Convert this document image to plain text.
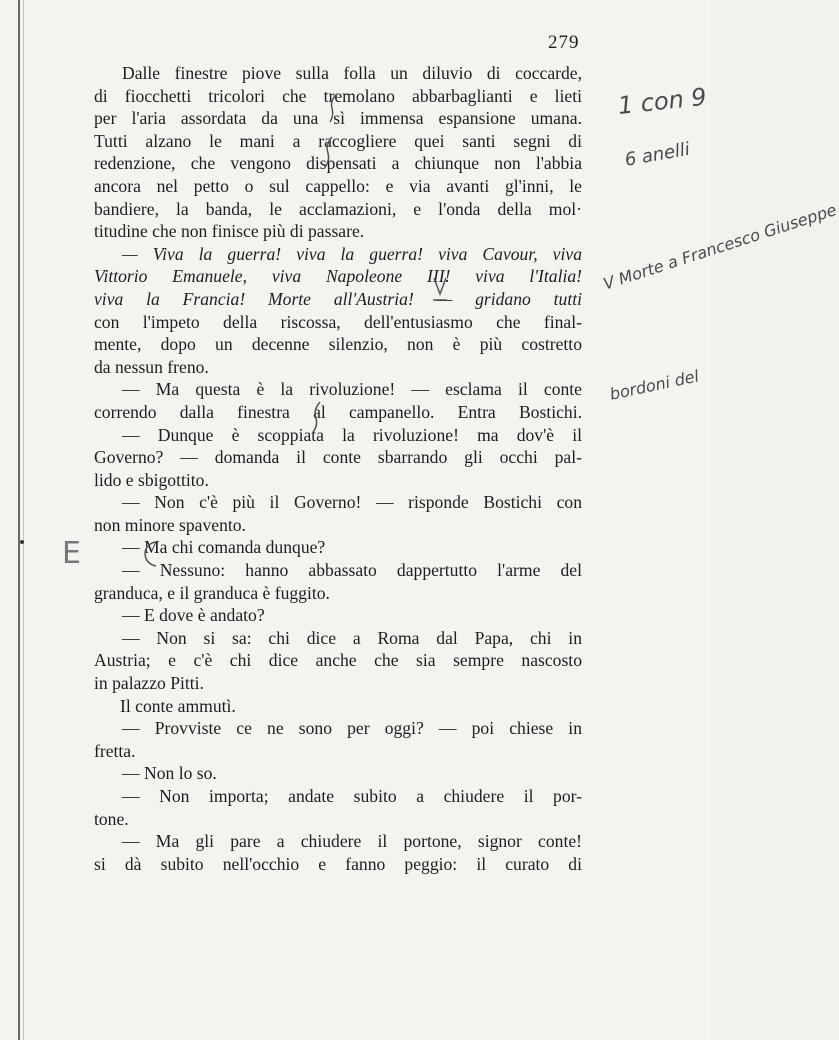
279
Dalle finestre piove sulla folla un diluvio di coccarde,
di fiocchetti tricolori che tremolano abbarbaglianti e lieti
per l'aria assordata da una sì immensa espansione umana.
Tutti alzano le mani a raccogliere quei santi segni di
redenzione, che vengono dispensati a chiunque non l'abbia
ancora nel petto o sul cappello: e via avanti gl'inni, le
bandiere, la banda, le acclamazioni, e l'onda della mol·
titudine che non finisce più di passare.
— Viva la guerra! viva la guerra! viva Cavour, viva
Vittorio Emanuele, viva Napoleone III! viva l'Italia!
viva la Francia! Morte all'Austria! — gridano tutti
con l'impeto della riscossa, dell'entusiasmo che final-
mente, dopo un decenne silenzio, non è più costretto
da nessun freno.
— Ma questa è la rivoluzione! — esclama il conte
correndo dalla finestra al campanello. Entra Bostichi.
— Dunque è scoppiata la rivoluzione! ma dov'è il
Governo? — domanda il conte sbarrando gli occhi pal-
lido e sbigottito.
— Non c'è più il Governo! — risponde Bostichi con
non minore spavento.
— Ma chi comanda dunque?
— Nessuno: hanno abbassato dappertutto l'arme del
granduca, e il granduca è fuggito.
— E dove è andato?
— Non si sa: chi dice a Roma dal Papa, chi in
Austria; e c'è chi dice anche che sia sempre nascosto
in palazzo Pitti.
Il conte ammutì.
— Provviste ce ne sono per oggi? — poi chiese in
fretta.
— Non lo so.
— Non importa; andate subito a chiudere il por-
tone.
— Ma gli pare a chiudere il portone, signor conte!
si dà subito nell'occhio e fanno peggio: il curato di
1 con 9
6 anelli
V Morte a Francesco Giuseppe
bordoni del
E
